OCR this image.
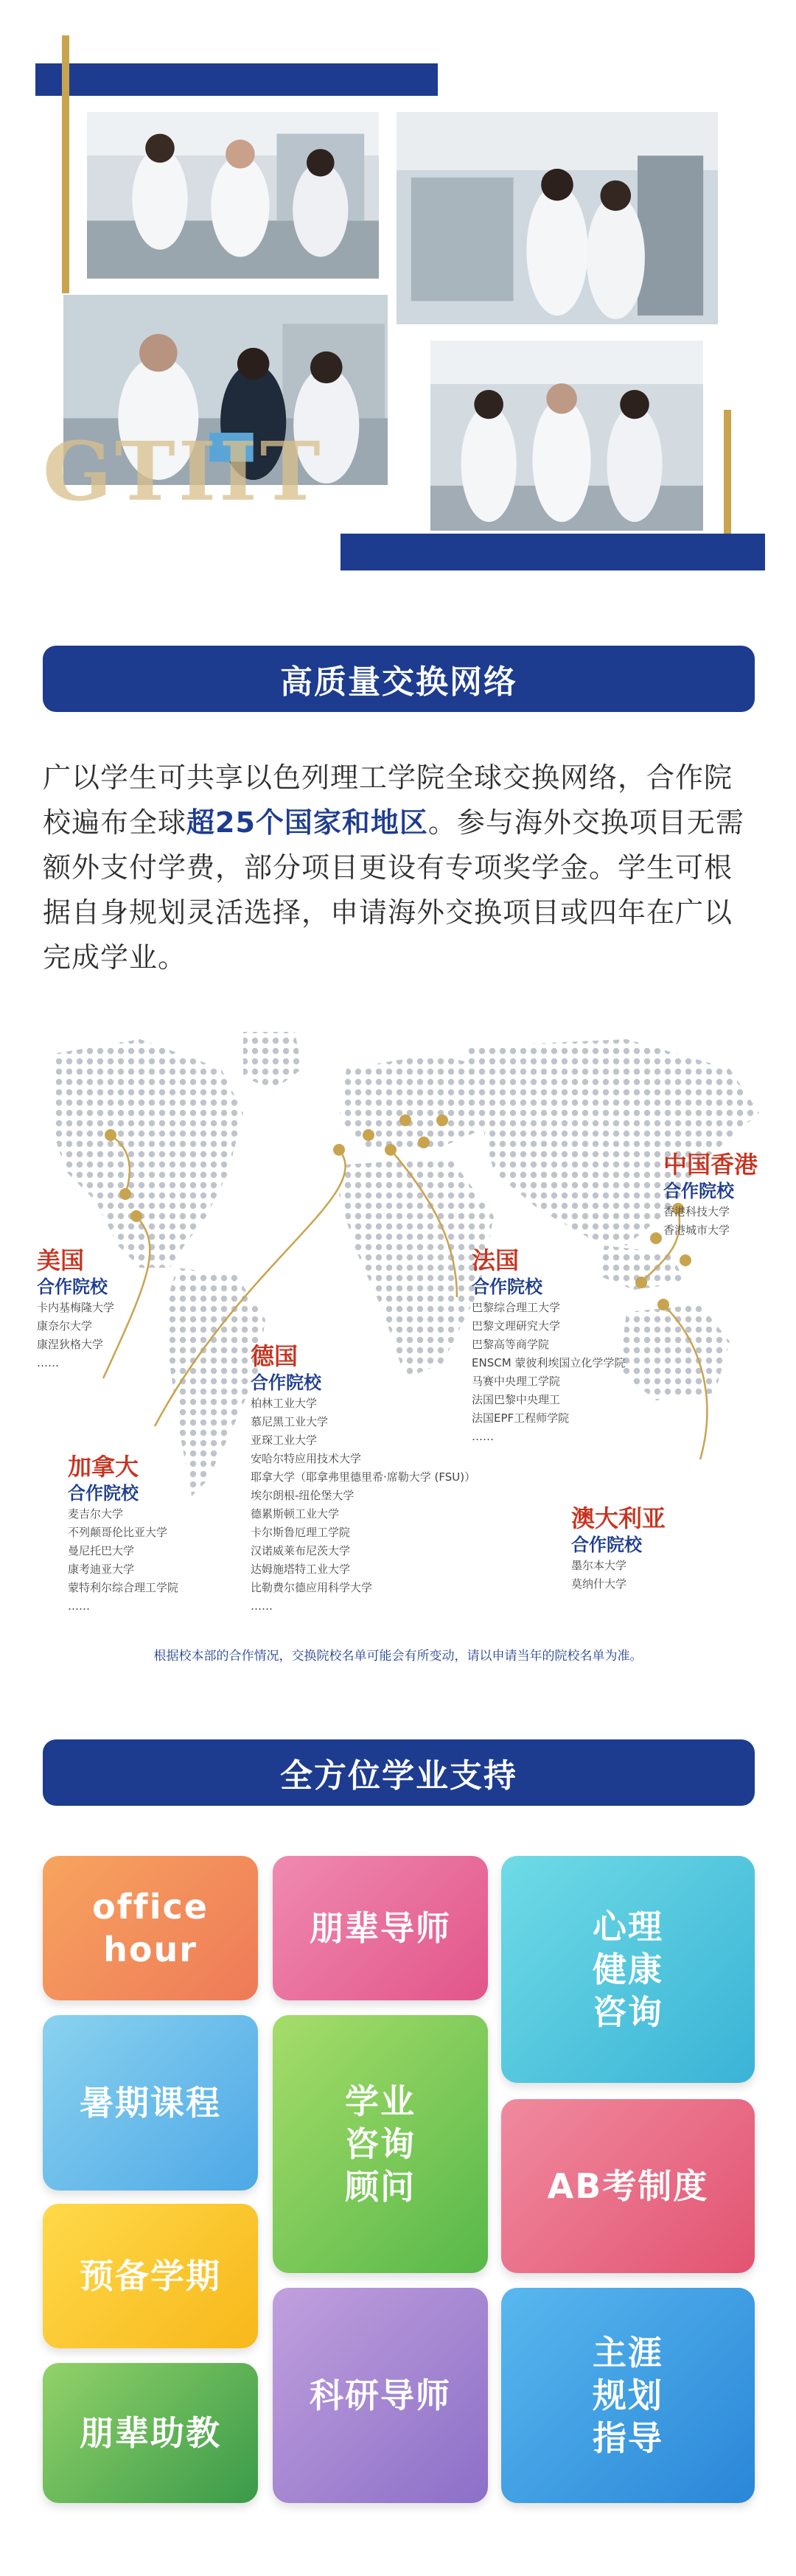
GTIIT
高质量交换网络
广以学生可共享以色列理工学院全球交换网络，合作院校遍布全球超25个国家和地区。参与海外交换项目无需额外支付学费，部分项目更设有专项奖学金。学生可根据自身规划灵活选择，申请海外交换项目或四年在广以完成学业。
美国
合作院校
卡内基梅隆大学
康奈尔大学
康涅狄格大学
……
加拿大
合作院校
麦吉尔大学
不列颠哥伦比亚大学
曼尼托巴大学
康考迪亚大学
蒙特利尔综合理工学院
……
德国
合作院校
柏林工业大学
慕尼黑工业大学
亚琛工业大学
安哈尔特应用技术大学
耶拿大学（耶拿弗里德里希·席勒大学 (FSU)）
埃尔朗根-纽伦堡大学
德累斯顿工业大学
卡尔斯鲁厄理工学院
汉诺威莱布尼茨大学
达姆施塔特工业大学
比勒费尔德应用科学大学
……
法国
合作院校
巴黎综合理工大学
巴黎文理研究大学
巴黎高等商学院
ENSCM 蒙彼利埃国立化学学院
马赛中央理工学院
法国巴黎中央理工
法国EPF工程师学院
……
中国香港
合作院校
香港科技大学
香港城市大学
澳大利亚
合作院校
墨尔本大学
莫纳什大学
根据校本部的合作情况，交换院校名单可能会有所变动，请以申请当年的院校名单为准。
全方位学业支持
office
hour
朋辈导师	心理
健康
咨询
暑期课程	学业
咨询
顾问	AB考制度
预备学期
科研导师
主涯
规划
指导
朋辈助教
